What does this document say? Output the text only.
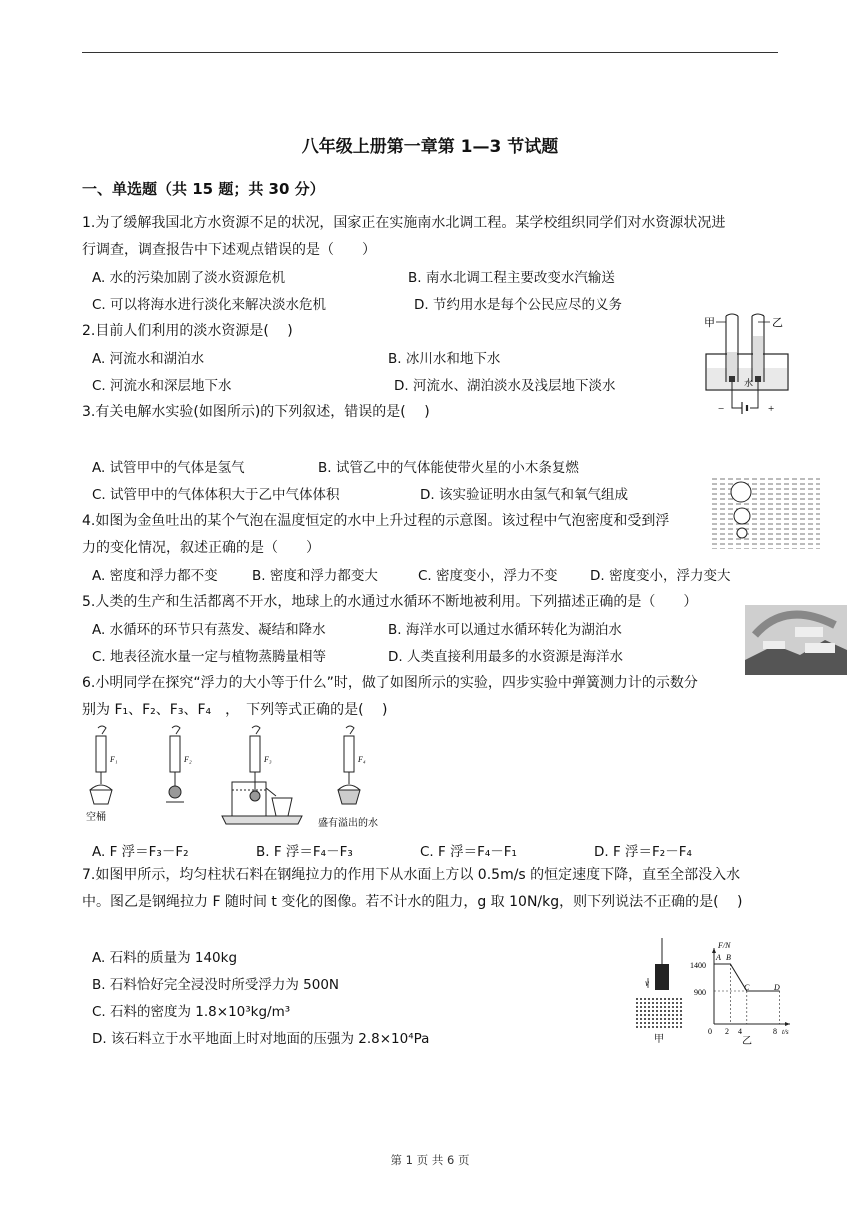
八年级上册第一章第 1—3 节试题
一、单选题（共 15 题；共 30 分）
1.为了缓解我国北方水资源不足的状况，国家正在实施南水北调工程。某学校组织同学们对水资源状况进
行调查，调查报告中下述观点错误的是（　　）
A. 水的污染加剧了淡水资源危机	B. 南水北调工程主要改变水汽输送
C. 可以将海水进行淡化来解决淡水危机	D. 节约用水是每个公民应尽的义务
2.目前人们利用的淡水资源是(　 )
A. 河流水和湖泊水	B. 冰川水和地下水
C. 河流水和深层地下水	D. 河流水、湖泊淡水及浅层地下淡水
3.有关电解水实验(如图所示)的下列叙述，错误的是(　 )
A. 试管甲中的气体是氢气	B. 试管乙中的气体能使带火星的小木条复燃
C. 试管甲中的气体体积大于乙中气体体积	D. 该实验证明水由氢气和氧气组成
甲	乙
水
−	+
4.如图为金鱼吐出的某个气泡在温度恒定的水中上升过程的示意图。该过程中气泡密度和受到浮
力的变化情况，叙述正确的是（　　）
A. 密度和浮力都不变	B. 密度和浮力都变大	C. 密度变小，浮力不变 D. 密度变小，浮力变大
5.人类的生产和生活都离不开水，地球上的水通过水循环不断地被利用。下列描述正确的是（　　）
A. 水循环的环节只有蒸发、凝结和降水	B. 海洋水可以通过水循环转化为湖泊水
C. 地表径流水量一定与植物蒸腾量相等	D. 人类直接利用最多的水资源是海洋水
6.小明同学在探究“浮力的大小等于什么”时，做了如图所示的实验，四步实验中弹簧测力计的示数分
别为 F₁、F₂、F₃、F₄　，　下列等式正确的是(　 )
F₁	F₂	F₃	F₄
空桶
盛有溢出的水
A. F 浮＝F₃－F₂	B. F 浮＝F₄－F₃	C. F 浮＝F₄－F₁	D. F 浮＝F₂－F₄
7.如图甲所示，均匀柱状石料在钢绳拉力的作用下从水面上方以 0.5m/s 的恒定速度下降，直至全部没入水
中。图乙是钢绳拉力 F 随时间 t 变化的图像。若不计水的阻力，g 取 10N/kg，则下列说法不正确的是(　 )
A. 石料的质量为 140kg
B. 石料恰好完全浸没时所受浮力为 500N
C. 石料的密度为 1.8×10³kg/m³
D. 该石料立于水平地面上时对地面的压强为 2.8×10⁴Pa
v
甲
F/N
1400
900
0 2 4	8 t/s
A B
C	D
乙
第 1 页 共 6 页
